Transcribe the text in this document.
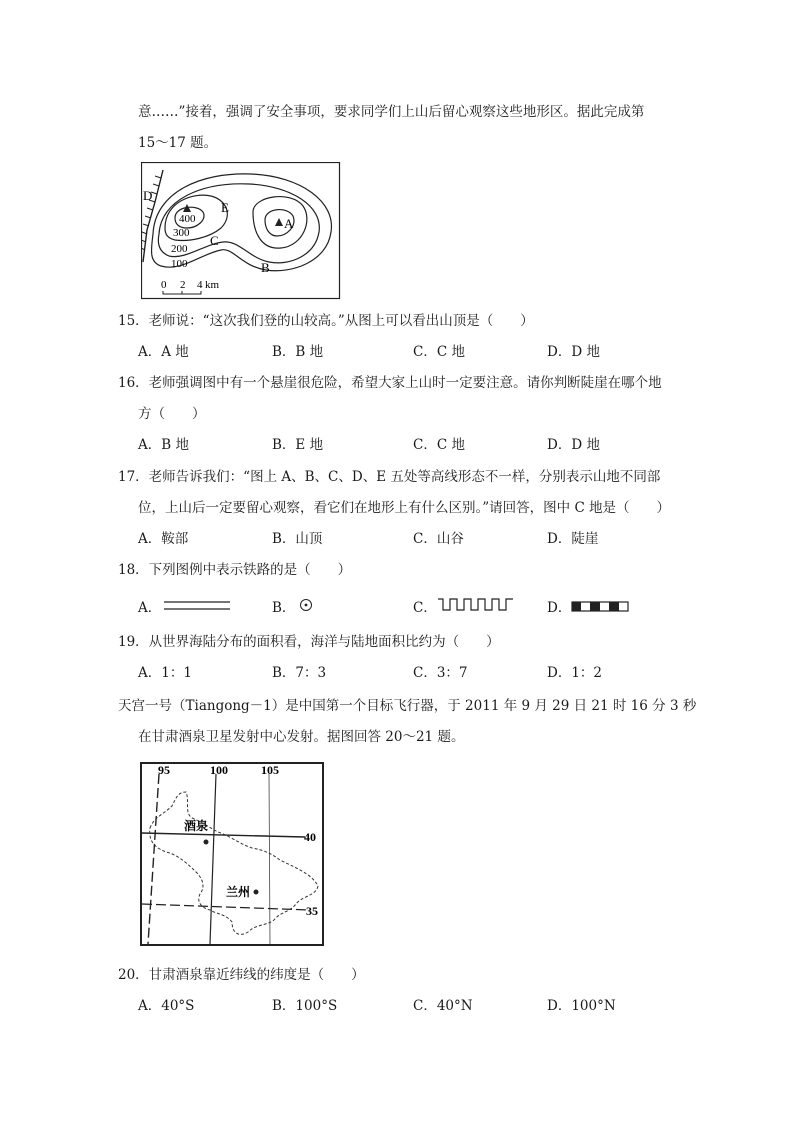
意……”接着，强调了安全事项，要求同学们上山后留心观察这些地形区。据此完成第
15～17 题。
D
E
A
C
B
400
300
200
100
0 2 4 km
15．老师说：“这次我们登的山较高。”从图上可以看出山顶是（　　）
A．A 地	B．B 地	C．C 地	D．D 地
16．老师强调图中有一个悬崖很危险，希望大家上山时一定要注意。请你判断陡崖在哪个地
方（　　）
A．B 地	B．E 地	C．C 地	D．D 地
17．老师告诉我们：“图上 A、B、C、D、E 五处等高线形态不一样，分别表示山地不同部
位，上山后一定要留心观察，看它们在地形上有什么区别。”请回答，图中 C 地是（　　）
A．鞍部	B．山顶	C．山谷	D．陡崖
18．下列图例中表示铁路的是（　　）
A．	B．	C．	D．
19．从世界海陆分布的面积看，海洋与陆地面积比约为（　　）
A．1：1	B．7：3	C．3：7	D．1：2
天宫一号（Tiangong－1）是中国第一个目标飞行器，于 2011 年 9 月 29 日 21 时 16 分 3 秒
在甘肃酒泉卫星发射中心发射。据图回答 20～21 题。
95	100	105
40
35
酒泉
兰州
20．甘肃酒泉靠近纬线的纬度是（　　）
A．40°S	B．100°S	C．40°N	D．100°N
